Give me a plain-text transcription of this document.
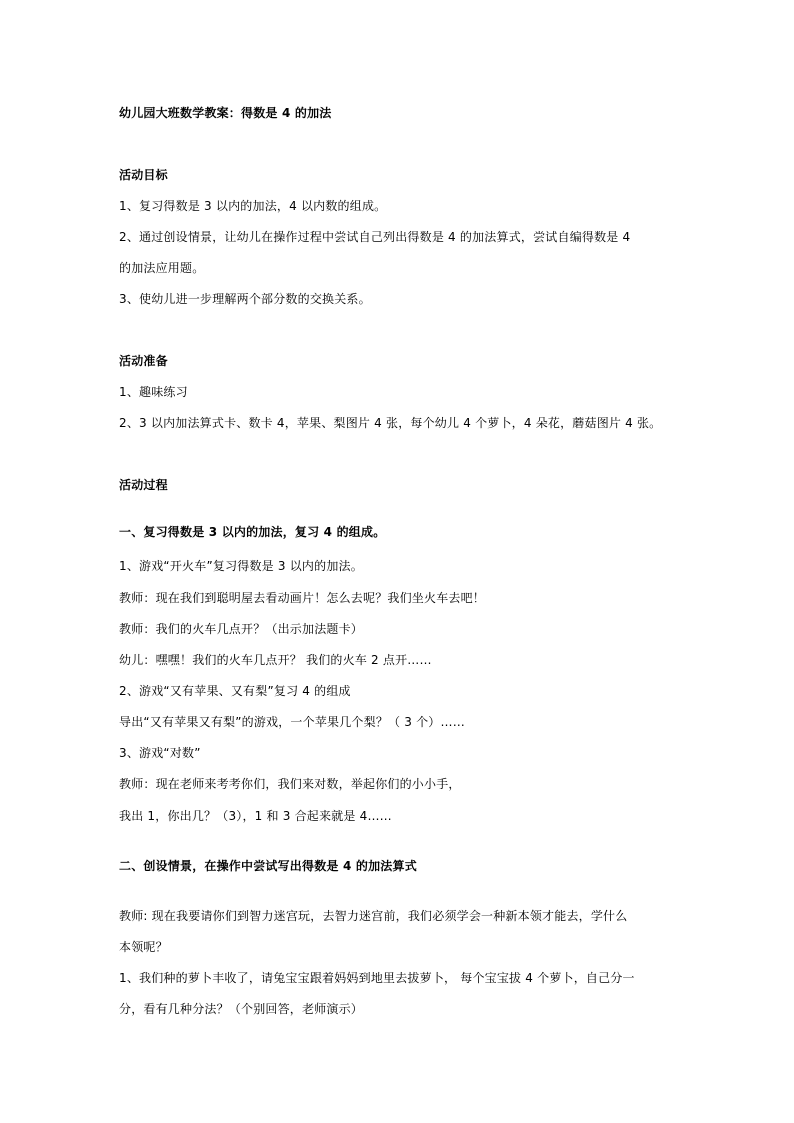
幼儿园大班数学教案：得数是 4 的加法
活动目标
1、复习得数是 3 以内的加法，4 以内数的组成。
2、通过创设情景，让幼儿在操作过程中尝试自己列出得数是 4 的加法算式，尝试自编得数是 4
的加法应用题。
3、使幼儿进一步理解两个部分数的交换关系。
活动准备
1、趣味练习
2、3 以内加法算式卡、数卡 4，苹果、梨图片 4 张，每个幼儿 4 个萝卜，4 朵花，蘑菇图片 4 张。
活动过程
一、复习得数是 3 以内的加法，复习 4 的组成。
1、游戏“开火车”复习得数是 3 以内的加法。
教师：现在我们到聪明屋去看动画片！怎么去呢？我们坐火车去吧！
教师：我们的火车几点开？（出示加法题卡）
幼儿：嘿嘿！我们的火车几点开？ 我们的火车 2 点开……
2、游戏“又有苹果、又有梨”复习 4 的组成
导出“又有苹果又有梨”的游戏，一个苹果几个梨？（ 3 个）……
3、游戏“对数”
教师：现在老师来考考你们，我们来对数，举起你们的小小手，
我出 1，你出几？（3），1 和 3 合起来就是 4……
二、创设情景，在操作中尝试写出得数是 4 的加法算式
教师: 现在我要请你们到智力迷宫玩，去智力迷宫前，我们必须学会一种新本领才能去，学什么
本领呢？
1、我们种的萝卜丰收了，请兔宝宝跟着妈妈到地里去拔萝卜， 每个宝宝拔 4 个萝卜，自己分一
分，看有几种分法？（个别回答，老师演示）
